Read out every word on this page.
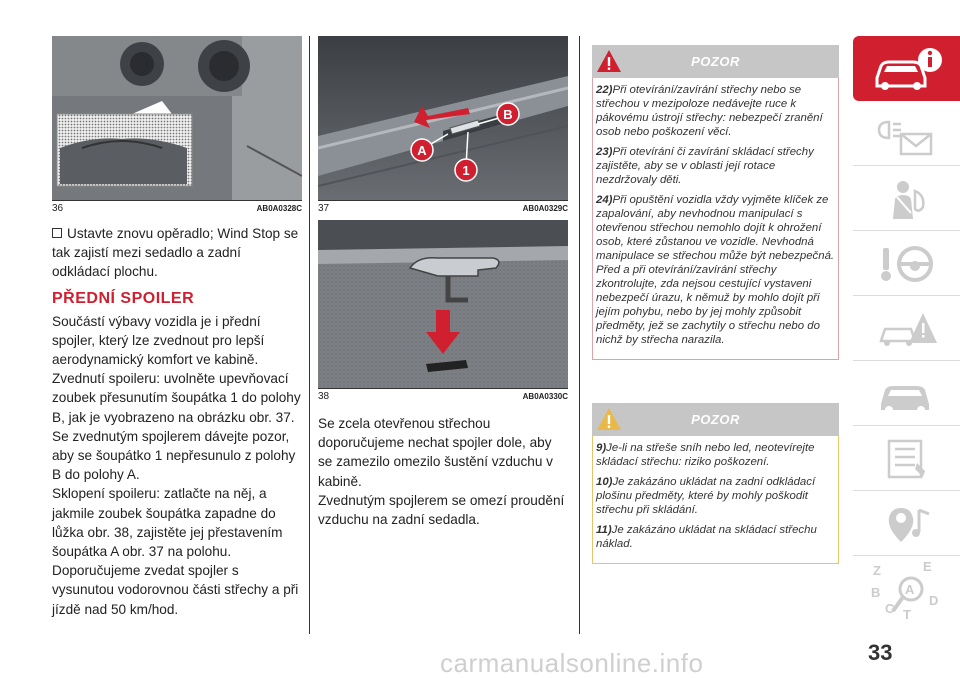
36	AB0A0328C

Ustavte znovu opěradlo; Wind Stop se tak zajistí mezi sedadlo a zadní odkládací plochu.

PŘEDNÍ SPOILER

Součástí výbavy vozidla je i přední spojler, který lze zvednout pro lepší aerodynamický komfort ve kabině.

Zvednutí spoileru: uvolněte upevňovací zoubek přesunutím šoupátka 1 do polohy B, jak je vyobrazeno na obrázku obr. 37.

Se zvednutým spojlerem dávejte pozor, aby se šoupátko 1 nepřesunulo z polohy B do polohy A.

Sklopení spoileru: zatlačte na něj, a jakmile zoubek šoupátka zapadne do lůžka obr. 38, zajistěte jej přestavením šoupátka A obr. 37 na polohu.

Doporučujeme zvedat spojler s vysunutou vodorovnou části střechy a při jízdě nad 50 km/hod.

A
B
1
37	AB0A0329C
38	AB0A0330C

Se zcela otevřenou střechou doporučujeme nechat spojler dole, aby se zamezilo omezilo šustění vzduchu v kabině.

Zvednutým spojlerem se omezí proudění vzduchu na zadní sedadla.

POZOR

22)Při otevírání/zavírání střechy nebo se střechou v mezipoloze nedávejte ruce k pákovému ústrojí střechy: nebezpečí zranění osob nebo poškození věcí.

23)Při otevírání či zavírání skládací střechy zajistěte, aby se v oblasti její rotace nezdržovaly děti.

24)Při opuštění vozidla vždy vyjměte klíček ze zapalování, aby nevhodnou manipulací s otevřenou střechou nemohlo dojít k ohrožení osob, které zůstanou ve vozidle. Nevhodná manipulace se střechou může být nebezpečná. Před a při otevírání/zavírání střechy zkontrolujte, zda nejsou cestující vystaveni nebezpečí úrazu, k němuž by mohlo dojít při jejím pohybu, nebo by jej mohly způsobit předměty, jež se zachytily o střechu nebo do nichž by střecha narazila.

POZOR

9)Je-li na střeše sníh nebo led, neotevírejte skládací střechu: riziko poškození.

10)Je zakázáno ukládat na zadní odkládací plošinu předměty, které by mohly poškodit střechu při skládání.

11)Je zakázáno ukládat na skládací střechu náklad.

Z	E
A
B
C
D
T
33
carmanualsonline.info
